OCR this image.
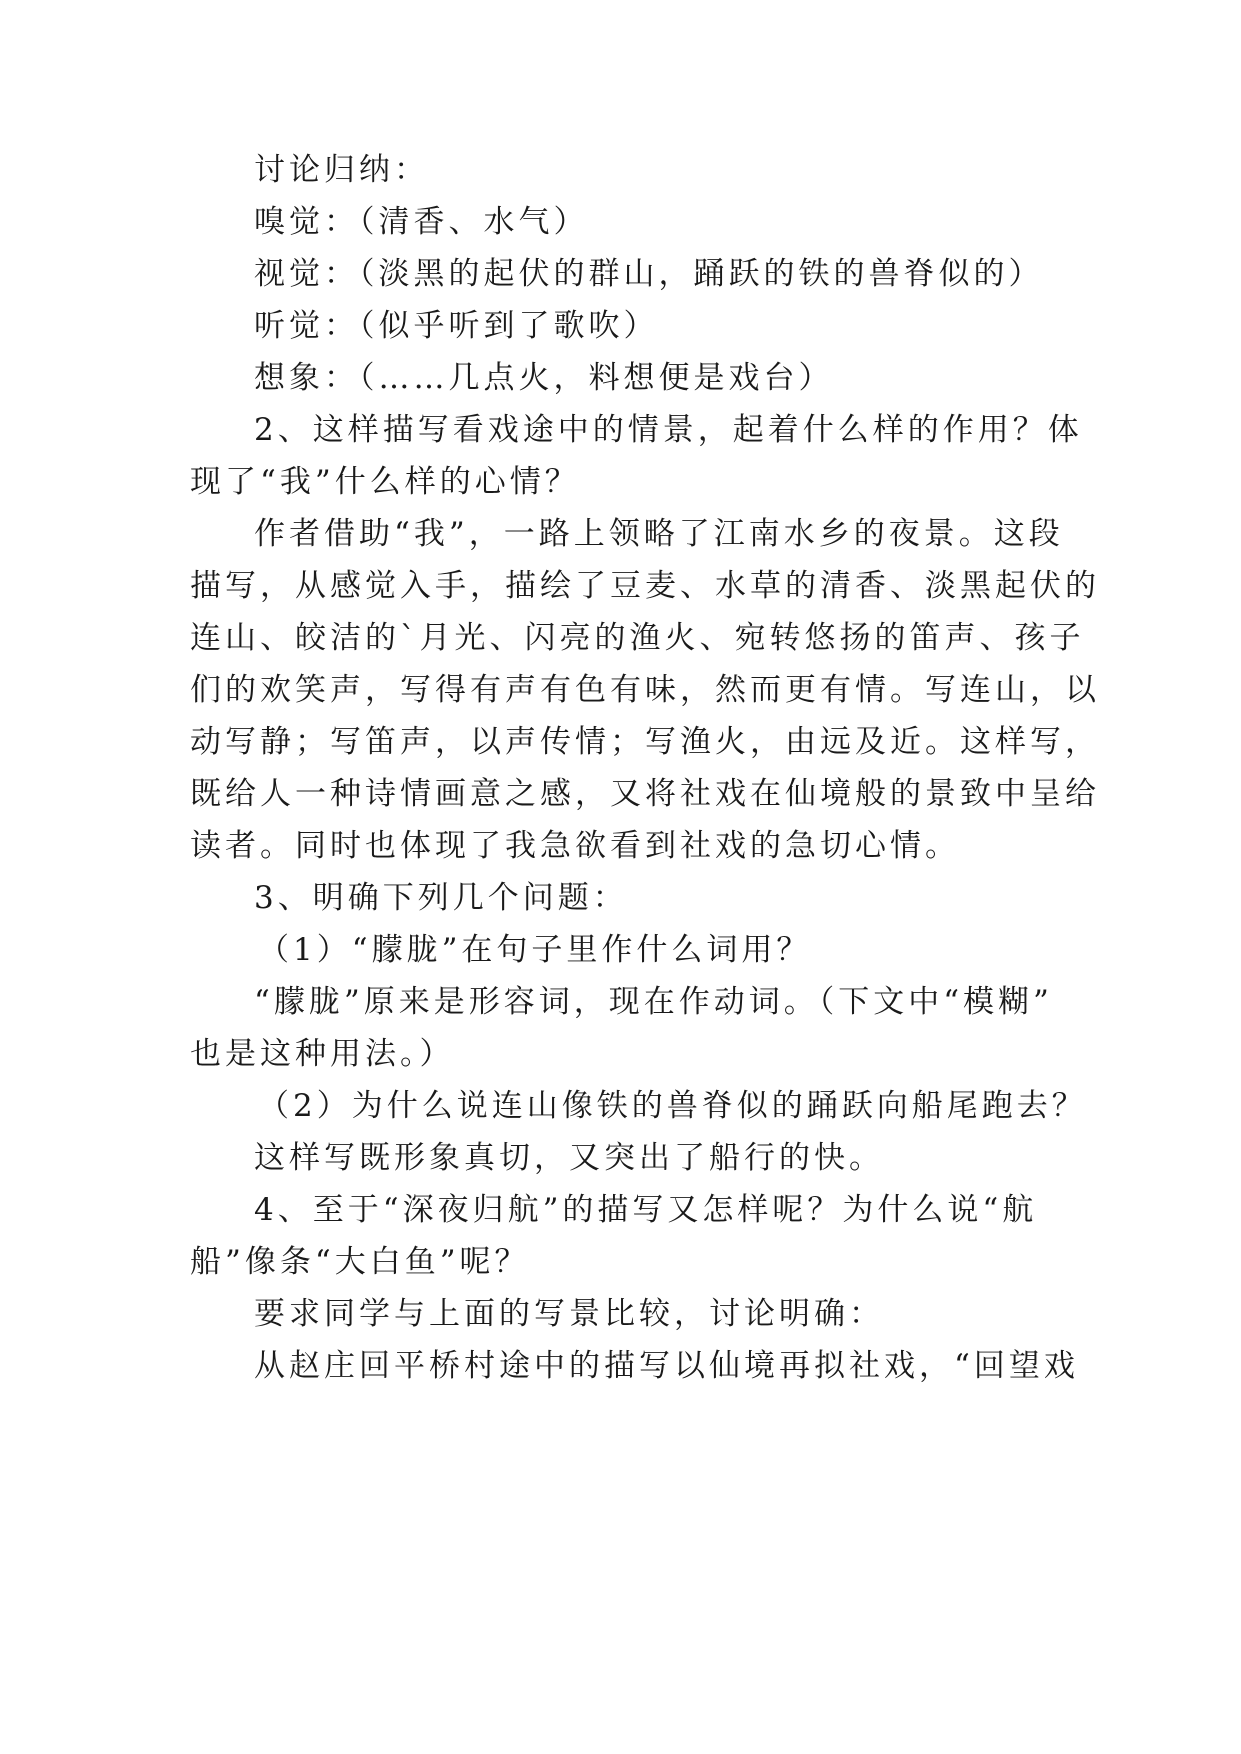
讨论归纳：
嗅觉：（清香、水气）
视觉：（淡黑的起伏的群山，踊跃的铁的兽脊似的）
听觉：（似乎听到了歌吹）
想象：（……几点火，料想便是戏台）
2、这样描写看戏途中的情景，起着什么样的作用？体
现了“我”什么样的心情？
作者借助“我”，一路上领略了江南水乡的夜景。这段
描写，从感觉入手，描绘了豆麦、水草的清香、淡黑起伏的
连山、皎洁的`月光、闪亮的渔火、宛转悠扬的笛声、孩子
们的欢笑声，写得有声有色有味，然而更有情。写连山，以
动写静；写笛声，以声传情；写渔火，由远及近。这样写，
既给人一种诗情画意之感，又将社戏在仙境般的景致中呈给
读者。同时也体现了我急欲看到社戏的急切心情。
3、明确下列几个问题：
（1）“朦胧”在句子里作什么词用？
“朦胧”原来是形容词，现在作动词。（下文中“模糊”
也是这种用法。）
（2）为什么说连山像铁的兽脊似的踊跃向船尾跑去？
这样写既形象真切，又突出了船行的快。
4、至于“深夜归航”的描写又怎样呢？为什么说“航
船”像条“大白鱼”呢？
要求同学与上面的写景比较，讨论明确：
从赵庄回平桥村途中的描写以仙境再拟社戏，“回望戏
